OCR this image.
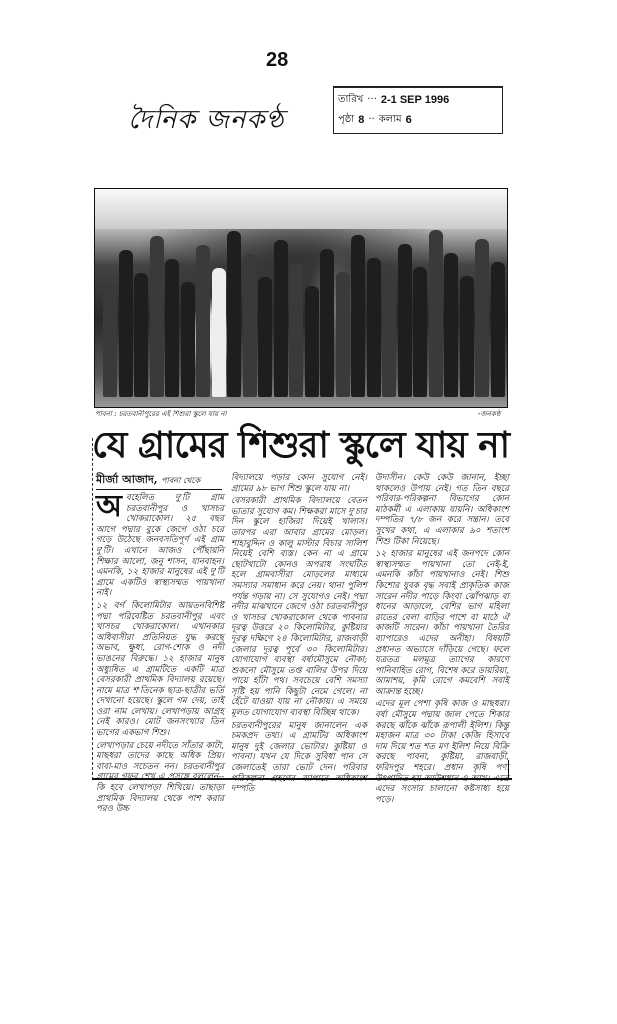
28
দৈনিক জনকণ্ঠ
তারিখ ··· 2-1 SEP 1996
পৃষ্ঠা 8 ·· কলাম 6
পাবনা : চরতবানীপুরের এই শিশুরা স্কুলে যায় না	-জনকণ্ঠ
যে গ্রামের শিশুরা স্কুলে যায় না
মীর্জা আজাদ, পাবনা থেকে
অ বহেলিত দু'টি গ্রাম চরতবানীপুর ও খাসচর খোকরাকোল। ২৫ বছর আগে পদ্মার বুকে জেগে ওঠা চরে গড়ে উঠেছে জনবসতিপূর্ণ এই গ্রাম দু'টি। এখানে আজও পৌঁছায়নি শিক্ষার আলো, জনু শাসন, যানবাহন। এমনকি, ১২ হাজার মানুষের এই দু'টি গ্রামে একটিও স্বাস্থ্যসম্মত পায়খানা নাই।

১২ বর্গ কিলোমিটার আয়তনবিশিষ্ট পদ্মা পরিবেষ্টিত চরতবানীপুর এবং খাসচর খোকরাকোল। এখানকার অধিবাসীরা প্রতিনিয়ত যুদ্ধ করছে অভাব, ক্ষুধা, রোগ-শোক ও নদী ভাঙনের বিরুদ্ধে। ১২ হাজার মানুষ অধ্যুষিত এ গ্রামটিতে একটি মাত্র বেসরকারী প্রাথমিক বিদ্যালয় রয়েছে। নামে মাত্র শ'তিনেক ছাত্র-ছাত্রীর ভর্তি দেখানো হয়েছে। স্কুলে গম দেয়, তাই ওরা নাম লেখায়। লেখাপড়ায় আগ্রহ নেই কারও। মোট জনসংখ্যার তিন ভাগের একভাগ শিশু।

লেখাপড়ার চেয়ে নদীতে সাঁতার কাটা, মাছধরা তাদের কাছে অধিক প্রিয়। বাবা-মাও সচেতন নন। চরতবানীপুর গ্রামের গফুর শেখ এ প্রসঙ্গে বললেন-- কি হবে লেখাপড়া শিখিয়ে। তাছাড়া প্রাথমিক বিদ্যালয় থেকে পাশ করার পরও উচ্চ

বিদ্যালয়ে পড়ার কোন সুযোগ নেই। গ্রামের ৯৮ ভাগ শিশু স্কুলে যায় না।

বেসরকারী প্রাথমিক বিদ্যালয়ে বেতন ভাতার সুযোগ কম। শিক্ষকরা মাসে দু'চার দিন স্কুলে হাজিরা দিয়েই খালাস। তারপর এরা আবার গ্রামের মোড়ল। শাহাবুদ্দিন ও কালু মাস্টার বিচার সালিশ নিয়েই বেশি ব্যস্ত। কেন না এ গ্রামে ছোটখাটো কোনও অপরাধ সংঘটিত হলে গ্রামবাসীরা মোড়লের মাধ্যমে সমস্যার সমাধান করে নেয়। থানা পুলিশ পর্যন্ত গড়ায় না। সে সুযোগও নেই। পদ্মা নদীর মাঝখানে জেগে ওঠা চরতবানীপুর ও খাসচর খোকরাকোল থেকে পাবনার দূরত্ব উত্তরে ২০ কিলোমিটার, কুষ্টিয়ার দূরত্ব দক্ষিণে ২৪ কিলোমিটার, রাজবাড়ী জেলার দূরত্ব পূর্বে ৩০ কিলোমিটার। যোগাযোগ ব্যবস্থা বর্ষামৌসুমে নৌকা; শুকনো মৌসুমে তপ্ত বালির উপর দিয়ে পায়ে হাঁটা পথ। সবচেয়ে বেশি সমস্যা সৃষ্টি হয় পানি কিছুটা নেমে গেলে। না হেঁটে যাওয়া যায় না নৌকায়। এ সময়ে মূলত যোগাযোগ ব্যবস্থা বিচ্ছিন্ন থাকে।

চরতবানীপুরের মানুষ জানালেন এক চমকপ্রদ তথ্য। এ গ্রামটির অধিকাংশ মানুষ দুই জেলার ভোটার। কুষ্টিয়া ও পাবনা। যখন যে দিকে সুবিধা পান সে জেলাতেই তারা ভোট দেন। পরিবার পরিকল্পনা গ্রহণের ব্যাপারে অধিকাংশ দম্পতি

উদাসীন। কেউ কেউ জানান, ইচ্ছা থাকলেও উপায় নেই। গত তিন বছরে পরিবার-পরিকল্পনা বিভাগের কোন মাঠকর্মী এ এলাকায় যায়নি। অধিকাংশ দম্পতির ৭/৮ জন করে সন্তান। তবে সুখের কথা, এ এলাকার ৯০ শতাংশ শিশু টিকা নিয়েছে।

১২ হাজার মানুষের এই জনপদে কোন স্বাস্থ্যসম্মত পায়খানা তো নেই-ই, এমনকি কাঁচা পায়খানাও নেই। শিশু কিশোর যুবক বৃদ্ধ সবাই প্রাকৃতিক কাজ সারেন নদীর পাড়ে কিংবা ঝোঁপঝাড় বা ধানের আড়ালে, বেশির ভাগ মহিলা রাতের বেলা বাড়ির পাশে বা মাঠে ঐ কাজটি সারেন। কাঁচা পায়খানা তৈরির ব্যাপারেও এদের অনীহা। বিষয়টি প্রধানত অভ্যাসে দাঁড়িয়ে গেছে। ফলে যত্রতত্র মলমূত্র ত্যাগের কারণে পানিবাহিত রোগ, বিশেষ করে ডায়রিয়া, আমাশয়, কৃমি রোগে কমবেশি সবাই আক্রান্ত হচ্ছে।

এদের মূল পেশা কৃষি কাজ ও মাছধরা। বর্ষা মৌসুমে পদ্মায় জাল পেতে শিকার করছে ঝাঁকে ঝাঁকে রূপালী ইলিশ। কিন্তু মহাজন মাত্র ৩০ টাকা কেজি হিসাবে দাম দিয়ে শত শত মণ ইলিশ নিয়ে বিক্রি করছে পাবনা, কুষ্টিয়া, রাজবাড়ী, ফরিদপুর শহরে। প্রধান কৃষি পণ্য উৎপাদিত হয় আউশধান ও আখ। এতে এদের সংসার চালানো কষ্টসাধ্য হয়ে পড়ে।
